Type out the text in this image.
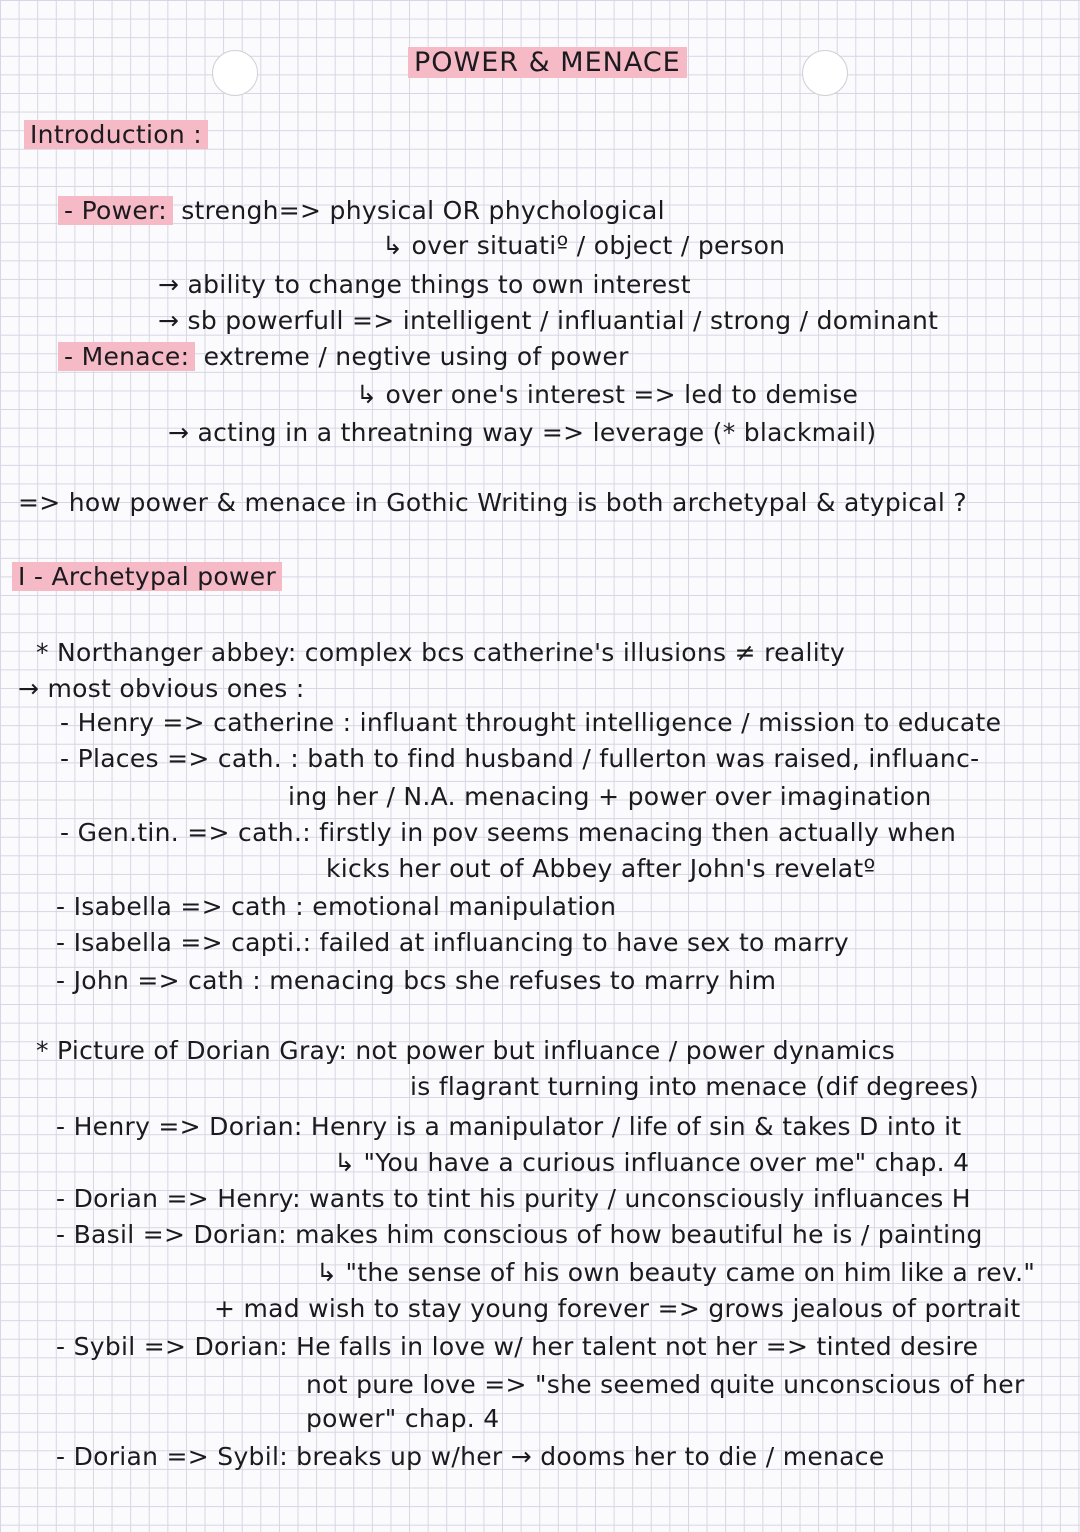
POWER & MENACE
Introduction :
- Power: strengh=> physical OR phychological
↳ over situatiº / object / person
→ ability to change things to own interest
→ sb powerfull => intelligent / influantial / strong / dominant
- Menace: extreme / negtive using of power
↳ over one's interest => led to demise
→ acting in a threatning way => leverage (* blackmail)
=> how power & menace in Gothic Writing is both archetypal & atypical ?
I - Archetypal power
* Northanger abbey: complex bcs catherine's illusions ≠ reality
→ most obvious ones :
- Henry => catherine : influant throught intelligence / mission to educate
- Places => cath. : bath to find husband / fullerton was raised, influanc-
ing her / N.A. menacing + power over imagination
- Gen.tin. => cath.: firstly in pov seems menacing then actually when
kicks her out of Abbey after John's revelatº
- Isabella => cath : emotional manipulation
- Isabella => capti.: failed at influancing to have sex to marry
- John => cath : menacing bcs she refuses to marry him
* Picture of Dorian Gray: not power but influance / power dynamics
is flagrant turning into menace (dif degrees)
- Henry => Dorian: Henry is a manipulator / life of sin & takes D into it
↳ "You have a curious influance over me" chap. 4
- Dorian => Henry: wants to tint his purity / unconsciously influances H
- Basil => Dorian: makes him conscious of how beautiful he is / painting
↳ "the sense of his own beauty came on him like a rev."
+ mad wish to stay young forever => grows jealous of portrait
- Sybil => Dorian: He falls in love w/ her talent not her => tinted desire
not pure love => "she seemed quite unconscious of her
power" chap. 4
- Dorian => Sybil: breaks up w/her → dooms her to die / menace
